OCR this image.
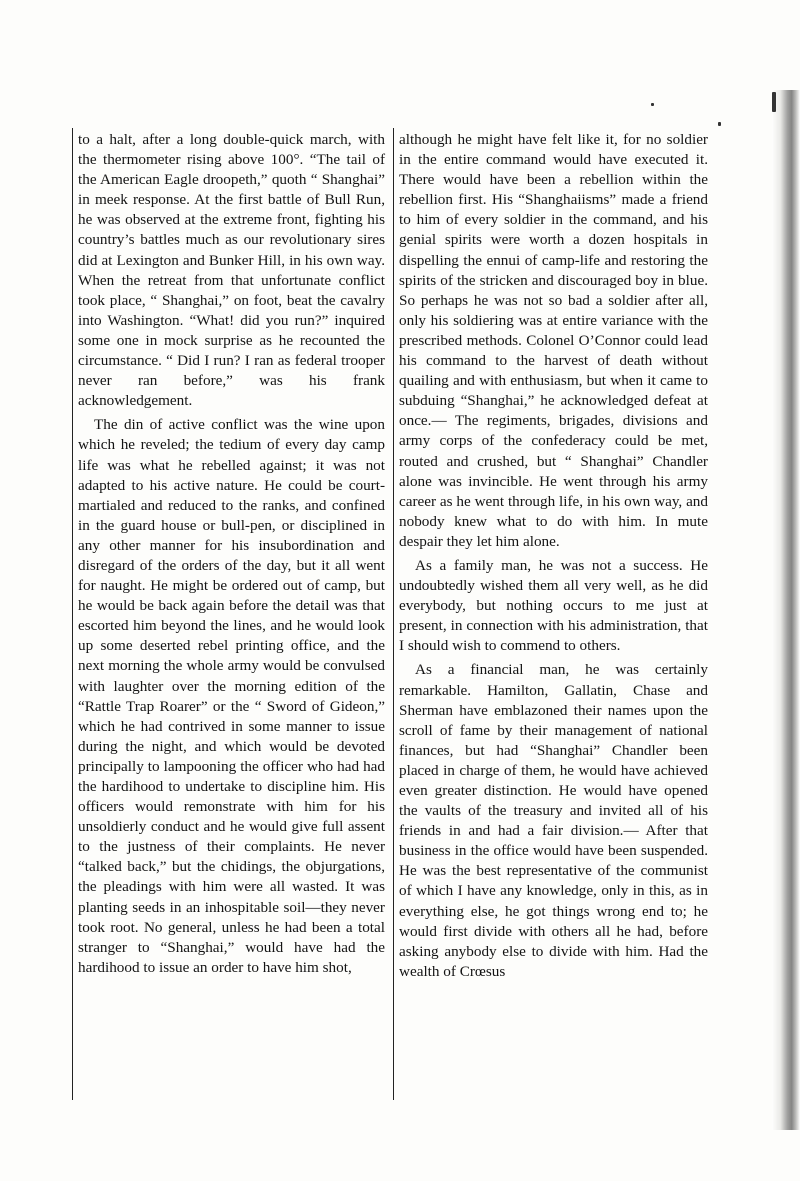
to a halt, after a long double-quick march, with the thermometer rising above 100°. “The tail of the American Eagle droopeth,” quoth “ Shanghai” in meek response. At the first battle of Bull Run, he was observed at the extreme front, fighting his country’s battles much as our revolutionary sires did at Lexington and Bunker Hill, in his own way. When the retreat from that unfortunate conflict took place, “ Shanghai,” on foot, beat the cavalry into Washington. “What! did you run?” inquired some one in mock surprise as he recounted the circumstance. “ Did I run? I ran as federal trooper never ran before,” was his frank acknowledgement.

The din of active conflict was the wine upon which he reveled; the tedium of every day camp life was what he rebelled against; it was not adapted to his active nature. He could be court-martialed and reduced to the ranks, and confined in the guard house or bull-pen, or disciplined in any other manner for his insubordination and disregard of the orders of the day, but it all went for naught. He might be ordered out of camp, but he would be back again before the detail was that escorted him beyond the lines, and he would look up some deserted rebel printing office, and the next morning the whole army would be convulsed with laughter over the morning edition of the “Rattle Trap Roarer” or the “ Sword of Gideon,” which he had contrived in some manner to issue during the night, and which would be devoted principally to lampooning the officer who had had the hardihood to undertake to discipline him. His officers would remonstrate with him for his unsoldierly conduct and he would give full assent to the justness of their complaints. He never “talked back,” but the chidings, the objurgations, the pleadings with him were all wasted. It was planting seeds in an inhospitable soil—they never took root. No general, unless he had been a total stranger to “Shanghai,” would have had the hardihood to issue an order to have him shot,

although he might have felt like it, for no soldier in the entire command would have executed it. There would have been a rebellion within the rebellion first. His “Shanghaiisms” made a friend to him of every soldier in the command, and his genial spirits were worth a dozen hospitals in dispelling the ennui of camp-life and restoring the spirits of the stricken and discouraged boy in blue. So perhaps he was not so bad a soldier after all, only his soldiering was at entire variance with the prescribed methods. Colonel O’Connor could lead his command to the harvest of death without quailing and with enthusiasm, but when it came to subduing “Shanghai,” he acknowledged defeat at once.— The regiments, brigades, divisions and army corps of the confederacy could be met, routed and crushed, but “ Shanghai” Chandler alone was invincible. He went through his army career as he went through life, in his own way, and nobody knew what to do with him. In mute despair they let him alone.

As a family man, he was not a success. He undoubtedly wished them all very well, as he did everybody, but nothing occurs to me just at present, in connection with his administration, that I should wish to commend to others.

As a financial man, he was certainly remarkable. Hamilton, Gallatin, Chase and Sherman have emblazoned their names upon the scroll of fame by their management of national finances, but had “Shanghai” Chandler been placed in charge of them, he would have achieved even greater distinction. He would have opened the vaults of the treasury and invited all of his friends in and had a fair division.— After that business in the office would have been suspended. He was the best representative of the communist of which I have any knowledge, only in this, as in everything else, he got things wrong end to; he would first divide with others all he had, before asking anybody else to divide with him. Had the wealth of Crœsus
